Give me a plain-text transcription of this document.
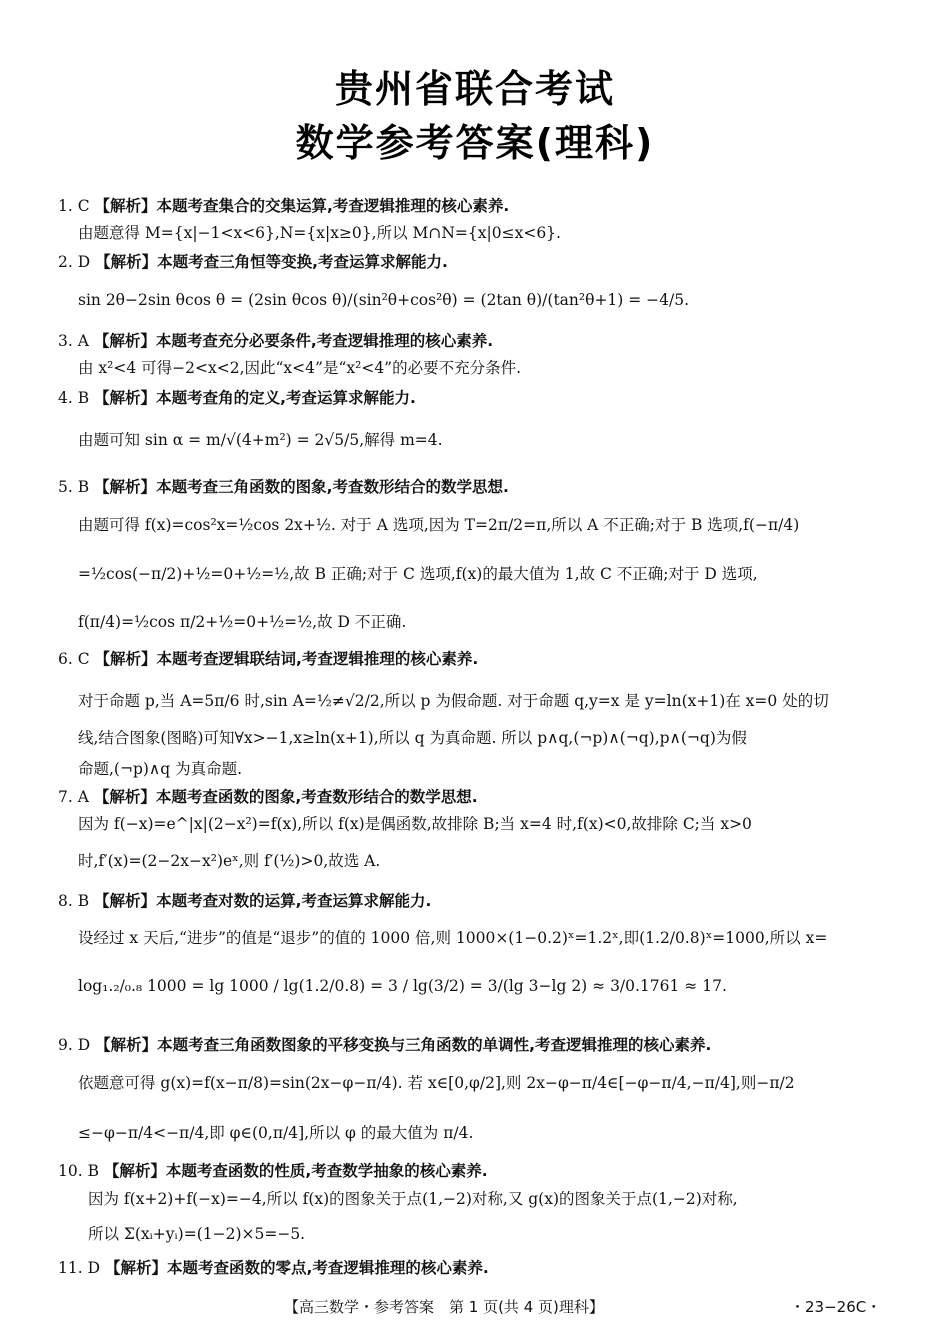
贵州省联合考试
数学参考答案(理科)
1. C 【解析】本题考查集合的交集运算,考查逻辑推理的核心素养.
由题意得 M={x|−1<x<6},N={x|x≥0},所以 M∩N={x|0≤x<6}.
2. D 【解析】本题考查三角恒等变换,考查运算求解能力.
sin 2θ−2sin θcos θ = (2sin θcos θ)/(sin²θ+cos²θ) = (2tan θ)/(tan²θ+1) = −4/5.
3. A 【解析】本题考查充分必要条件,考查逻辑推理的核心素养.
由 x²<4 可得−2<x<2,因此“x<4”是“x²<4”的必要不充分条件.
4. B 【解析】本题考查角的定义,考查运算求解能力.
由题可知 sin α = m/√(4+m²) = 2√5/5,解得 m=4.
5. B 【解析】本题考查三角函数的图象,考查数形结合的数学思想.
由题可得 f(x)=cos²x=½cos 2x+½. 对于 A 选项,因为 T=2π/2=π,所以 A 不正确;对于 B 选项,f(−π/4)
=½cos(−π/2)+½=0+½=½,故 B 正确;对于 C 选项,f(x)的最大值为 1,故 C 不正确;对于 D 选项,
f(π/4)=½cos π/2+½=0+½=½,故 D 不正确.
6. C 【解析】本题考查逻辑联结词,考查逻辑推理的核心素养.
对于命题 p,当 A=5π/6 时,sin A=½≠√2/2,所以 p 为假命题. 对于命题 q,y=x 是 y=ln(x+1)在 x=0 处的切
线,结合图象(图略)可知∀x>−1,x≥ln(x+1),所以 q 为真命题. 所以 p∧q,(¬p)∧(¬q),p∧(¬q)为假
命题,(¬p)∧q 为真命题.
7. A 【解析】本题考查函数的图象,考查数形结合的数学思想.
因为 f(−x)=e^|x|(2−x²)=f(x),所以 f(x)是偶函数,故排除 B;当 x=4 时,f(x)<0,故排除 C;当 x>0
时,f′(x)=(2−2x−x²)eˣ,则 f′(½)>0,故选 A.
8. B 【解析】本题考查对数的运算,考查运算求解能力.
设经过 x 天后,“进步”的值是“退步”的值的 1000 倍,则 1000×(1−0.2)ˣ=1.2ˣ,即(1.2/0.8)ˣ=1000,所以 x=
log₁.₂/₀.₈ 1000 = lg 1000 / lg(1.2/0.8) = 3 / lg(3/2) = 3/(lg 3−lg 2) ≈ 3/0.1761 ≈ 17.
9. D 【解析】本题考查三角函数图象的平移变换与三角函数的单调性,考查逻辑推理的核心素养.
依题意可得 g(x)=f(x−π/8)=sin(2x−φ−π/4). 若 x∈[0,φ/2],则 2x−φ−π/4∈[−φ−π/4,−π/4],则−π/2
≤−φ−π/4<−π/4,即 φ∈(0,π/4],所以 φ 的最大值为 π/4.
10. B 【解析】本题考查函数的性质,考查数学抽象的核心素养.
因为 f(x+2)+f(−x)=−4,所以 f(x)的图象关于点(1,−2)对称,又 g(x)的图象关于点(1,−2)对称,
所以 Σ(xᵢ+yᵢ)=(1−2)×5=−5.
11. D 【解析】本题考查函数的零点,考查逻辑推理的核心素养.
【高三数学・参考答案　第 1 页(共 4 页)理科】	・23−26C・
